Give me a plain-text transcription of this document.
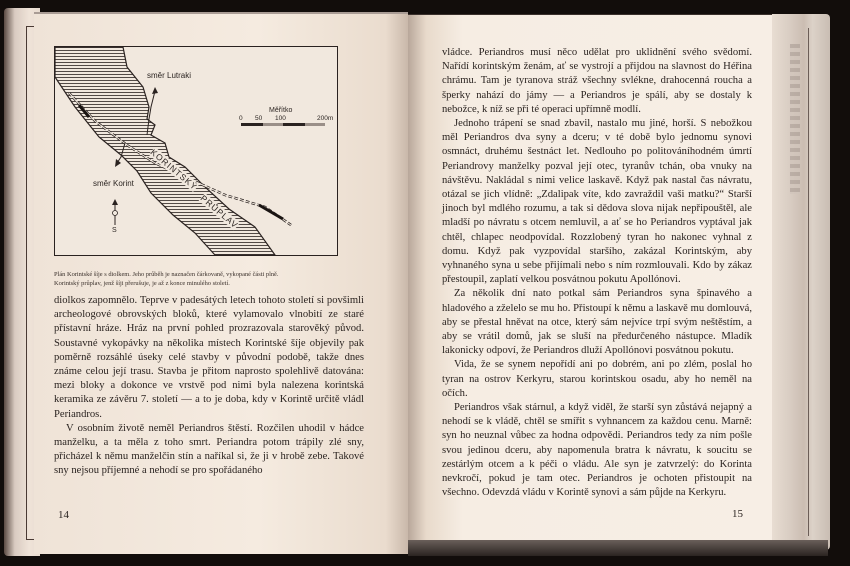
směr Lutraki
směr Korint
Měřítko
0 50 100	200m
KORINTSKÝ
PRŮPLAV
S
Plán Korintské šíje s diolkem. Jeho průběh je naznačen čárkovaně, vykopané části plně.
Korintský průplav, jenž šíji přerušuje, je až z konce minulého století.

diolkos zapomnělo. Teprve v padesátých letech tohoto století si povšimli archeologové obrovských bloků, které vylamovalo vlnobití ze staré přístavní hráze. Hráz na první pohled prozrazovala starověký původ. Soustavné vykopávky na několika místech Korintské šíje objevily pak poměrně rozsáhlé úseky celé stavby v původní podobě, takže dnes známe celou její trasu. Stavba je přitom naprosto spolehlivě datována: mezi bloky a dokonce ve vrstvě pod nimi byla nalezena korintská keramika ze závěru 7. století — a to je doba, kdy v Korintě určitě vládl Periandros.

V osobním životě neměl Periandros štěstí. Rozčilen uhodil v hádce manželku, a ta měla z toho smrt. Periandra potom trápily zlé sny, přicházel k němu manželčin stín a naříkal si, že ji v hrobě zebe. Takové sny nejsou příjemné a nehodí se pro spořádaného

14

vládce. Periandros musí něco udělat pro uklidnění svého svědomí. Nařídí korintským ženám, ať se vystrojí a přijdou na slavnost do Héřina chrámu. Tam je tyranova stráž všechny svlékne, drahocenná roucha a šperky nahází do jámy — a Periandros je spálí, aby se dostaly k nebožce, k níž se při té operaci upřímně modlí.

Jednoho trápení se snad zbavil, nastalo mu jiné, horší. S nebožkou měl Periandros dva syny a dceru; v té době bylo jednomu synovi osmnáct, druhému šestnáct let. Nedlouho po politováníhodném úmrtí Periandrovy manželky pozval její otec, tyranův tchán, oba vnuky na návštěvu. Nakládal s nimi velice laskavě. Když pak nastal čas návratu, otázal se jich vlídně: „Zdalipak víte, kdo zavraždil vaši matku?“ Starší jinoch byl mdlého rozumu, a tak si dědova slova nijak nepřipouštěl, ale mladší po návratu s otcem nemluvil, a ať se ho Periandros vyptával jak chtěl, chlapec neodpovídal. Rozzlobený tyran ho nakonec vyhnal z domu. Když pak vyzpovídal staršího, zakázal Korintským, aby vyhnaného syna u sebe přijímali nebo s ním rozmlouvali. Kdo by zákaz přestoupil, zaplatí velkou posvátnou pokutu Apollónovi.

Za několik dní nato potkal sám Periandros syna špinavého a hladového a zželelo se mu ho. Přistoupí k němu a laskavě mu domlouvá, aby se přestal hněvat na otce, který sám nejvíce trpí svým neštěstím, a aby se vrátil domů, jak se sluší na předurčeného nástupce. Mladík lakonicky odpoví, že Periandros dluží Apollónovi posvátnou pokutu.

Vida, že se synem nepořídí ani po dobrém, ani po zlém, poslal ho tyran na ostrov Kerkyru, starou korintskou osadu, aby ho neměl na očích.

Periandros však stárnul, a když viděl, že starší syn zůstává nejapný a nehodí se k vládě, chtěl se smířit s vyhnancem za každou cenu. Marně: syn ho neuznal vůbec za hodna odpovědi. Periandros tedy za ním pošle svou jedinou dceru, aby napomenula bratra k návratu, k soucitu se zestárlým otcem a k péči o vládu. Ale syn je zatvrzelý: do Korinta nevkročí, pokud je tam otec. Periandros je ochoten přistoupit na všechno. Odevzdá vládu v Korintě synovi a sám půjde na Kerkyru.

15
